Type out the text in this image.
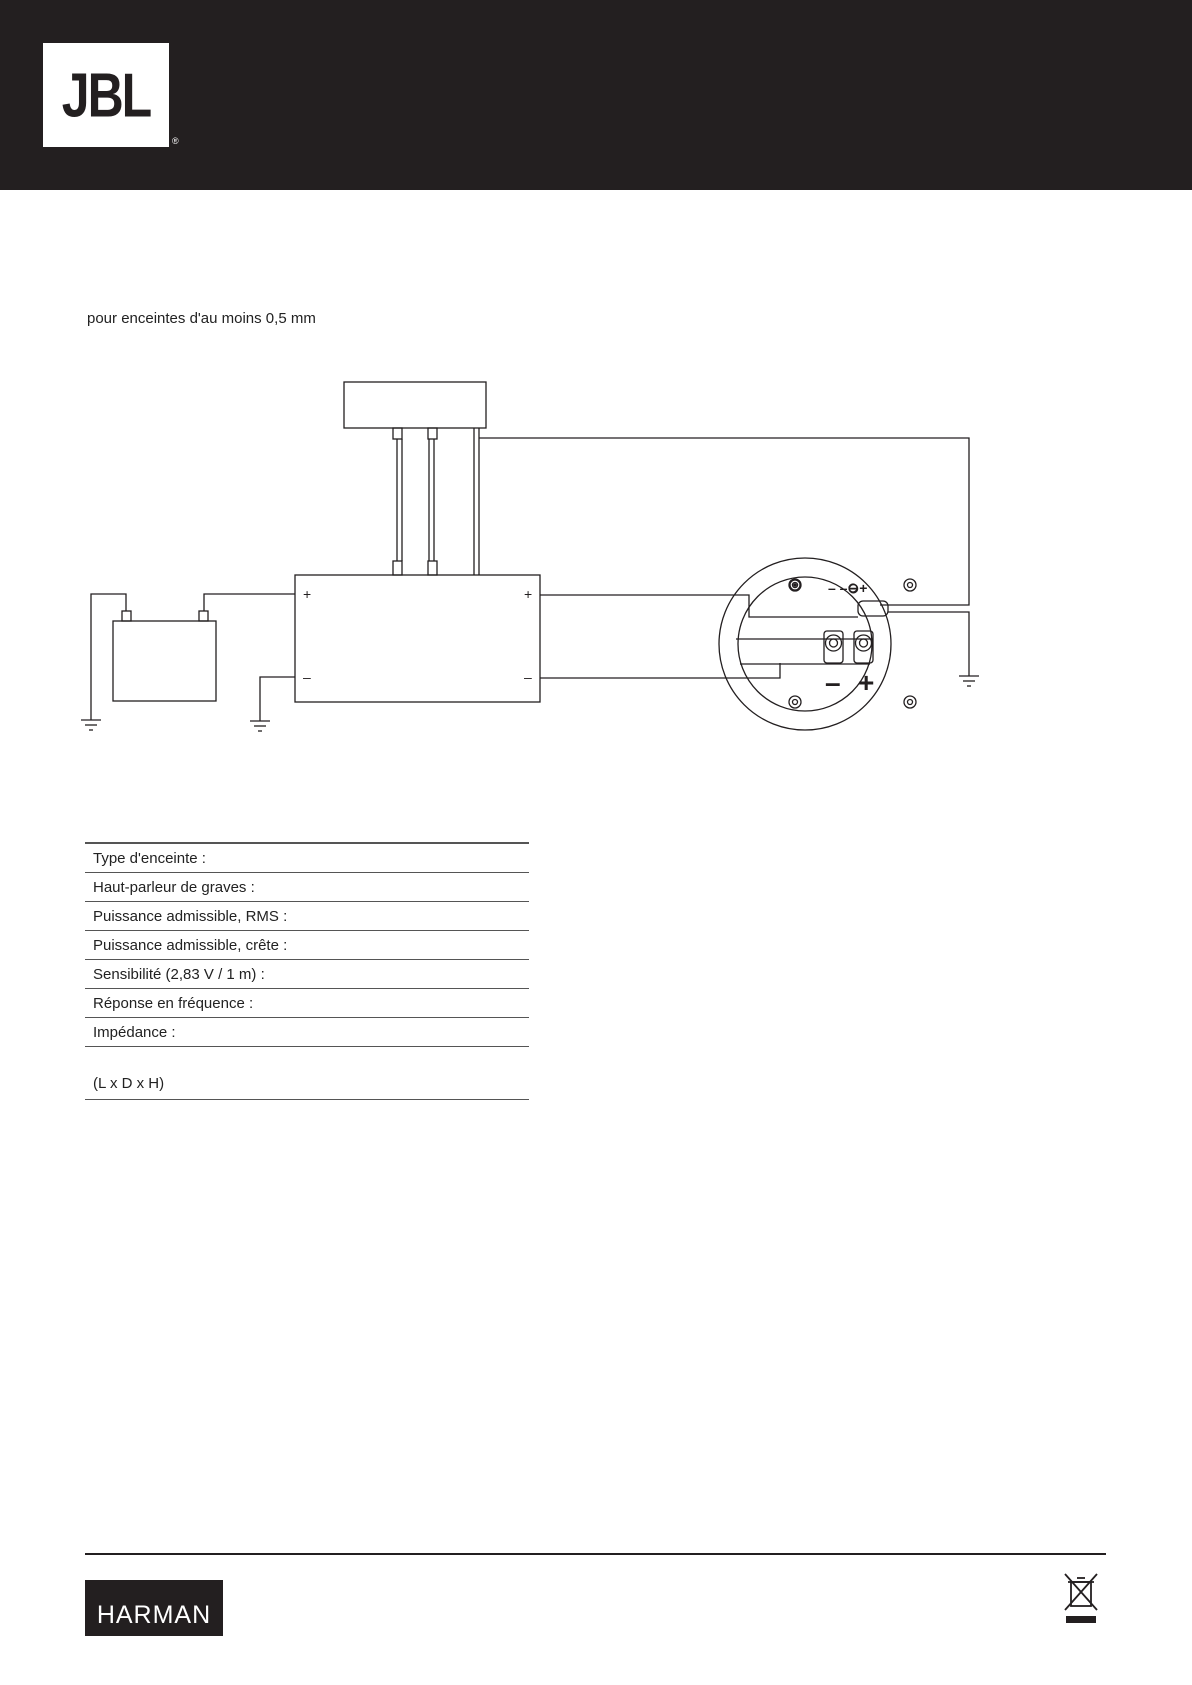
JBL
®
pour enceintes d'au moins 0,5 mm
+
–
+
–
– –⊖+
– +
Type d'enceinte :
Haut-parleur de graves :
Puissance admissible, RMS :
Puissance admissible, crête :
Sensibilité (2,83 V / 1 m) :
Réponse en fréquence :
Impédance :
(L x D x H)
HARMAN
